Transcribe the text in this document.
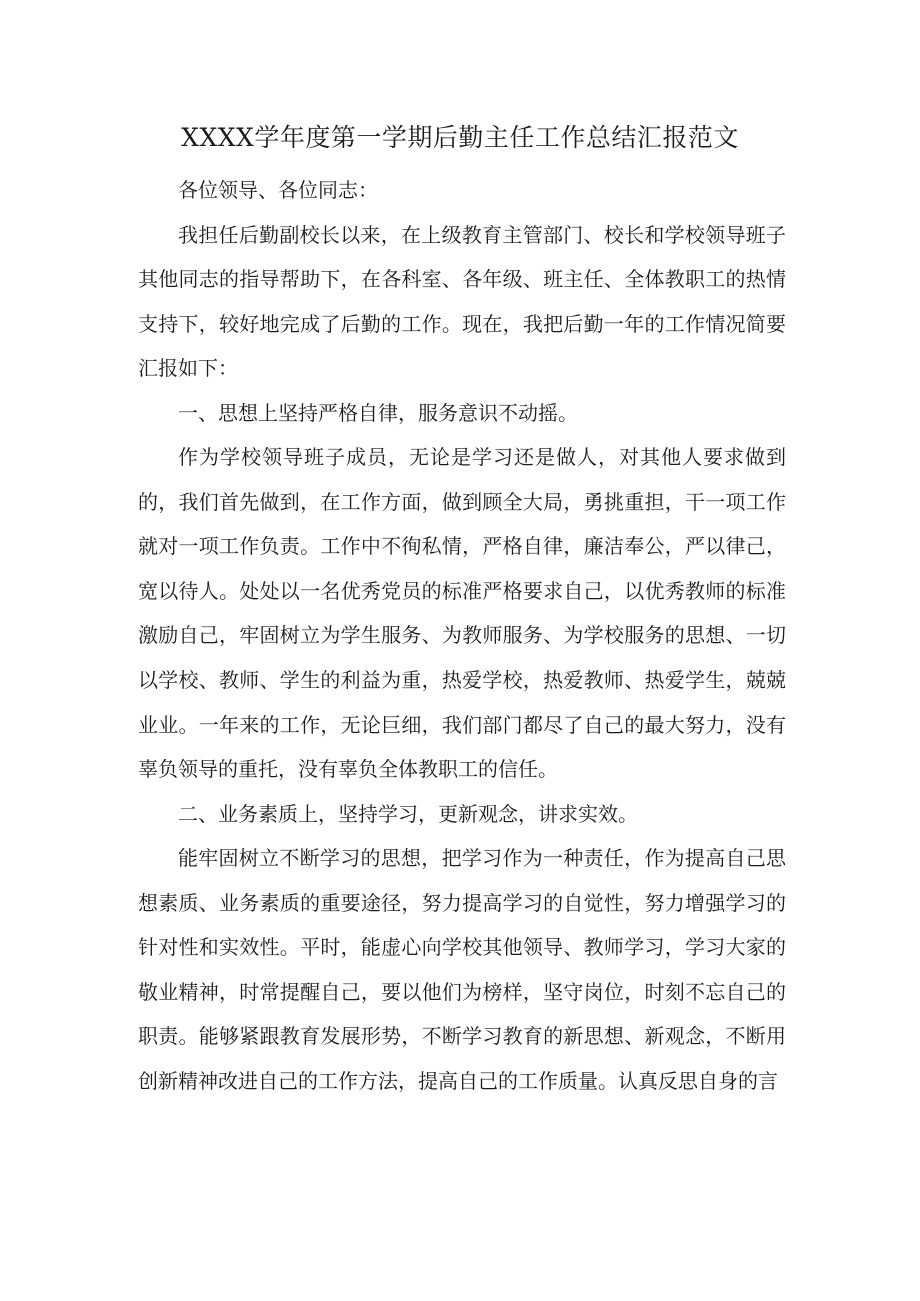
XXXX学年度第一学期后勤主任工作总结汇报范文

各位领导、各位同志：

我担任后勤副校长以来，在上级教育主管部门、校长和学校领导班子其他同志的指导帮助下，在各科室、各年级、班主任、全体教职工的热情支持下，较好地完成了后勤的工作。现在，我把后勤一年的工作情况简要汇报如下：

一、思想上坚持严格自律，服务意识不动摇。

作为学校领导班子成员，无论是学习还是做人，对其他人要求做到的，我们首先做到，在工作方面，做到顾全大局，勇挑重担，干一项工作就对一项工作负责。工作中不徇私情，严格自律，廉洁奉公，严以律己，宽以待人。处处以一名优秀党员的标准严格要求自己，以优秀教师的标准激励自己，牢固树立为学生服务、为教师服务、为学校服务的思想、一切以学校、教师、学生的利益为重，热爱学校，热爱教师、热爱学生，兢兢业业。一年来的工作，无论巨细，我们部门都尽了自己的最大努力，没有辜负领导的重托，没有辜负全体教职工的信任。

二、业务素质上，坚持学习，更新观念，讲求实效。

能牢固树立不断学习的思想，把学习作为一种责任，作为提高自己思想素质、业务素质的重要途径，努力提高学习的自觉性，努力增强学习的针对性和实效性。平时，能虚心向学校其他领导、教师学习，学习大家的敬业精神，时常提醒自己，要以他们为榜样，坚守岗位，时刻不忘自己的职责。能够紧跟教育发展形势，不断学习教育的新思想、新观念，不断用创新精神改进自己的工作方法，提高自己的工作质量。认真反思自身的言
